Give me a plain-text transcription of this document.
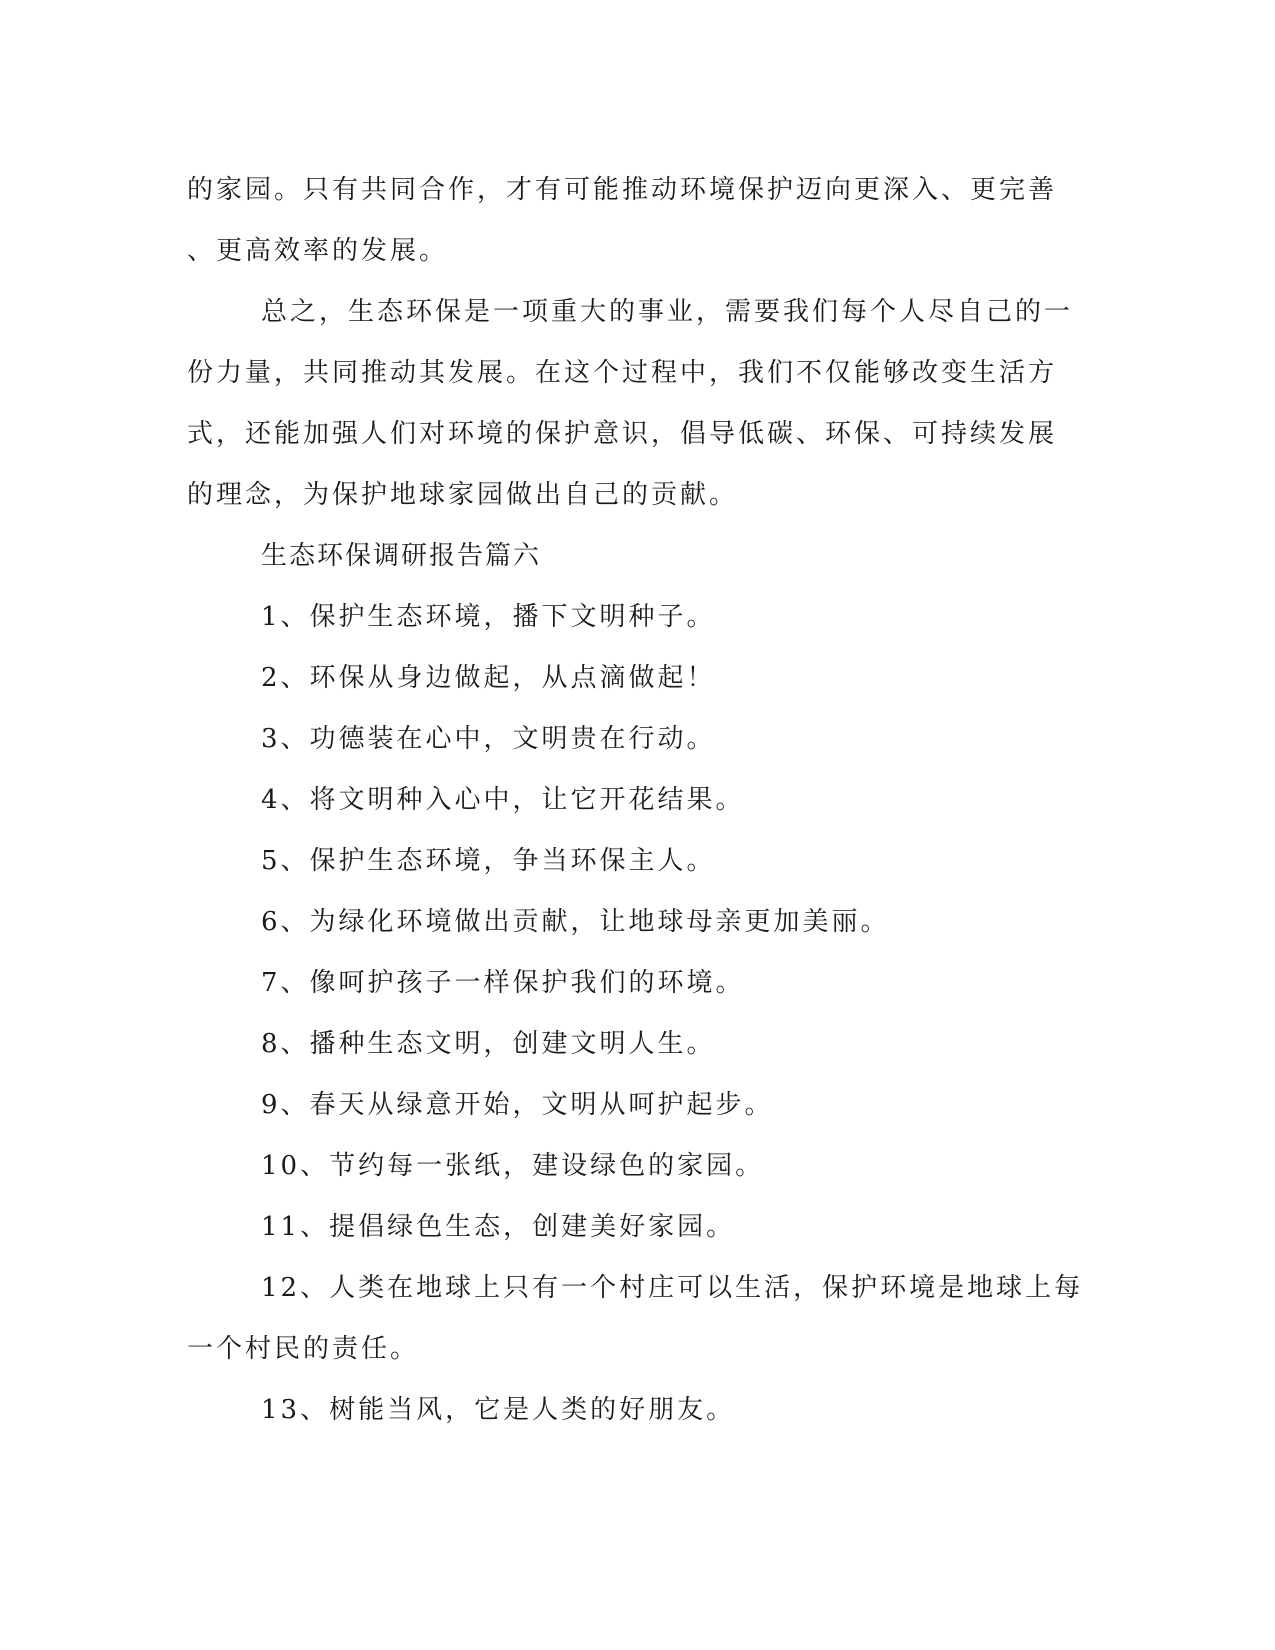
的家园。只有共同合作，才有可能推动环境保护迈向更深入、更完善
、更高效率的发展。
总之，生态环保是一项重大的事业，需要我们每个人尽自己的一
份力量，共同推动其发展。在这个过程中，我们不仅能够改变生活方
式，还能加强人们对环境的保护意识，倡导低碳、环保、可持续发展
的理念，为保护地球家园做出自己的贡献。
生态环保调研报告篇六
1、保护生态环境，播下文明种子。
2、环保从身边做起，从点滴做起！
3、功德装在心中，文明贵在行动。
4、将文明种入心中，让它开花结果。
5、保护生态环境，争当环保主人。
6、为绿化环境做出贡献，让地球母亲更加美丽。
7、像呵护孩子一样保护我们的环境。
8、播种生态文明，创建文明人生。
9、春天从绿意开始，文明从呵护起步。
10、节约每一张纸，建设绿色的家园。
11、提倡绿色生态，创建美好家园。
12、人类在地球上只有一个村庄可以生活，保护环境是地球上每
一个村民的责任。
13、树能当风，它是人类的好朋友。
